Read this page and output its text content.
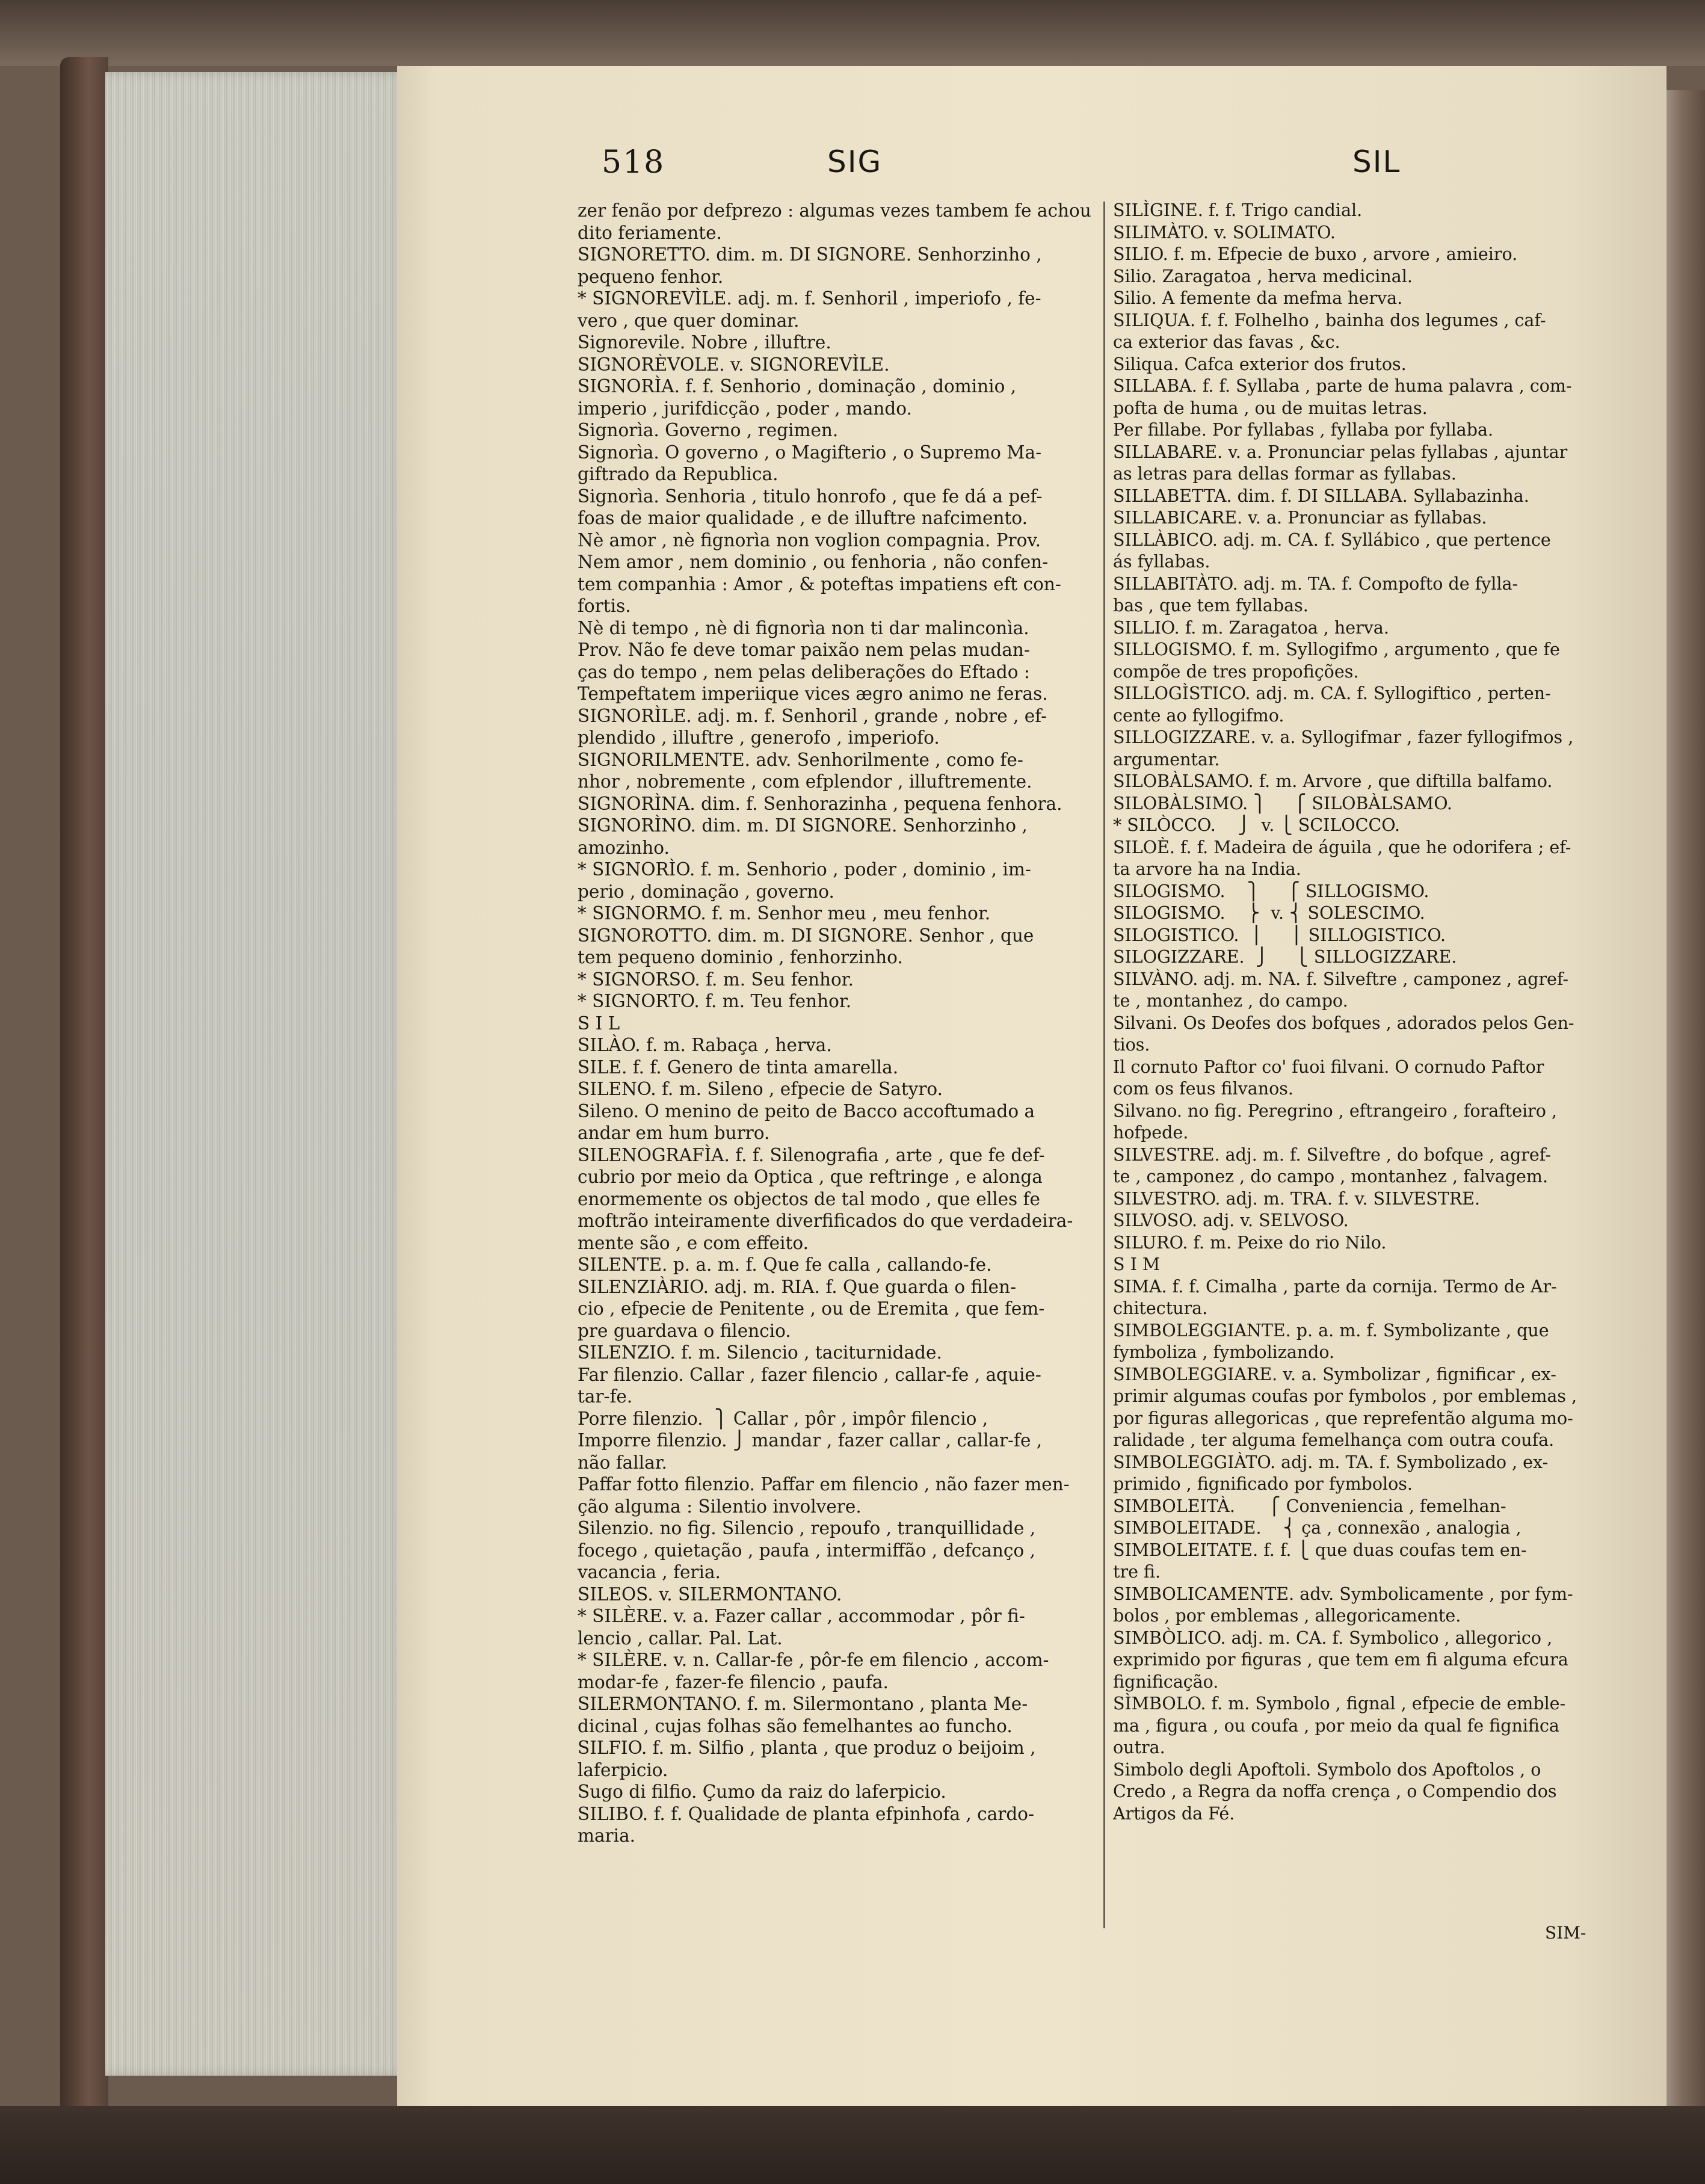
518	SIG	SIL
zer fenão por defprezo : algumas vezes tambem fe achou
dito feriamente.
SIGNORETTO. dim. m. DI SIGNORE. Senhorzinho ,
pequeno fenhor.
* SIGNOREVÌLE. adj. m. f. Senhoril , imperiofo , fe-
vero , que quer dominar.
Signorevile. Nobre , illuftre.
SIGNORÈVOLE. v. SIGNOREVÌLE.
SIGNORÌA. f. f. Senhorio , dominação , dominio ,
imperio , jurifdicção , poder , mando.
Signorìa. Governo , regimen.
Signorìa. O governo , o Magifterio , o Supremo Ma-
giftrado da Republica.
Signorìa. Senhoria , titulo honrofo , que fe dá a pef-
foas de maior qualidade , e de illuftre nafcimento.
Nè amor , nè fignorìa non voglion compagnia. Prov.
Nem amor , nem dominio , ou fenhoria , não confen-
tem companhia : Amor , & poteftas impatiens eft con-
fortis.
Nè di tempo , nè di fignorìa non ti dar malinconìa.
Prov. Não fe deve tomar paixão nem pelas mudan-
ças do tempo , nem pelas deliberações do Eftado :
Tempeftatem imperiique vices ægro animo ne feras.
SIGNORÌLE. adj. m. f. Senhoril , grande , nobre , ef-
plendido , illuftre , generofo , imperiofo.
SIGNORILMENTE. adv. Senhorilmente , como fe-
nhor , nobremente , com efplendor , illuftremente.
SIGNORÌNA. dim. f. Senhorazinha , pequena fenhora.
SIGNORÌNO. dim. m. DI SIGNORE. Senhorzinho ,
amozinho.
* SIGNORÌO. f. m. Senhorio , poder , dominio , im-
perio , dominação , governo.
* SIGNORMO. f. m. Senhor meu , meu fenhor.
SIGNOROTTO. dim. m. DI SIGNORE. Senhor , que
tem pequeno dominio , fenhorzinho.
* SIGNORSO. f. m. Seu fenhor.
* SIGNORTO. f. m. Teu fenhor.
S I L
SILÀO. f. m. Rabaça , herva.
SILE. f. f. Genero de tinta amarella.
SILENO. f. m. Sileno , efpecie de Satyro.
Sileno. O menino de peito de Bacco accoftumado a
andar em hum burro.
SILENOGRAFÌA. f. f. Silenografia , arte , que fe def-
cubrio por meio da Optica , que reftringe , e alonga
enormemente os objectos de tal modo , que elles fe
moftrão inteiramente diverfificados do que verdadeira-
mente são , e com effeito.
SILENTE. p. a. m. f. Que fe calla , callando-fe.
SILENZIÀRIO. adj. m. RIA. f. Que guarda o filen-
cio , efpecie de Penitente , ou de Eremita , que fem-
pre guardava o filencio.
SILENZIO. f. m. Silencio , taciturnidade.
Far filenzio. Callar , fazer filencio , callar-fe , aquie-
tar-fe.
Porre filenzio.  ⎫ Callar , pôr , impôr filencio ,
Imporre filenzio. ⎭ mandar , fazer callar , callar-fe ,
não fallar.
Paffar fotto filenzio. Paffar em filencio , não fazer men-
ção alguma : Silentio involvere.
Silenzio. no fig. Silencio , repoufo , tranquillidade ,
focego , quietação , paufa , intermiffão , defcanço ,
vacancia , feria.
SILEOS. v. SILERMONTANO.
* SILÈRE. v. a. Fazer callar , accommodar , pôr fi-
lencio , callar. Pal. Lat.
* SILÈRE. v. n. Callar-fe , pôr-fe em filencio , accom-
modar-fe , fazer-fe filencio , paufa.
SILERMONTANO. f. m. Silermontano , planta Me-
dicinal , cujas folhas são femelhantes ao funcho.
SILFIO. f. m. Silfio , planta , que produz o beijoim ,
laferpicio.
Sugo di filfio. Çumo da raiz do laferpicio.
SILIBO. f. f. Qualidade de planta efpinhofa , cardo-
maria.
SILÌGINE. f. f. Trigo candial.
SILIMÀTO. v. SOLIMATO.
SILIO. f. m. Efpecie de buxo , arvore , amieiro.
Silio. Zaragatoa , herva medicinal.
Silio. A femente da mefma herva.
SILIQUA. f. f. Folhelho , bainha dos legumes , caf-
ca exterior das favas , &c.
Siliqua. Cafca exterior dos frutos.
SILLABA. f. f. Syllaba , parte de huma palavra , com-
pofta de huma , ou de muitas letras.
Per fillabe. Por fyllabas , fyllaba por fyllaba.
SILLABARE. v. a. Pronunciar pelas fyllabas , ajuntar
as letras para dellas formar as fyllabas.
SILLABETTA. dim. f. DI SILLABA. Syllabazinha.
SILLABICARE. v. a. Pronunciar as fyllabas.
SILLÀBICO. adj. m. CA. f. Syllábico , que pertence
ás fyllabas.
SILLABITÀTO. adj. m. TA. f. Compofto de fylla-
bas , que tem fyllabas.
SILLIO. f. m. Zaragatoa , herva.
SILLOGISMO. f. m. Syllogifmo , argumento , que fe
compõe de tres propofições.
SILLOGÌSTICO. adj. m. CA. f. Syllogiftico , perten-
cente ao fyllogifmo.
SILLOGIZZARE. v. a. Syllogifmar , fazer fyllogifmos ,
argumentar.
SILOBÀLSAMO. f. m. Arvore , que diftilla balfamo.
SILOBÀLSIMO. ⎫     ⎧ SILOBÀLSAMO.
* SILÒCCO.    ⎭  v. ⎩ SCILOCCO.
SILOÈ. f. f. Madeira de águila , que he odorifera ; ef-
ta arvore ha na India.
SILOGISMO.    ⎫     ⎧ SILLOGISMO.
SILOGISMO.    ⎬  v. ⎨ SOLESCIMO.
SILOGISTICO.  ⎪     ⎪ SILLOGISTICO.
SILOGIZZARE.  ⎭     ⎩ SILLOGIZZARE.
SILVÀNO. adj. m. NA. f. Silveftre , camponez , agref-
te , montanhez , do campo.
Silvani. Os Deofes dos bofques , adorados pelos Gen-
tios.
Il cornuto Paftor co' fuoi filvani. O cornudo Paftor
com os feus filvanos.
Silvano. no fig. Peregrino , eftrangeiro , forafteiro ,
hofpede.
SILVESTRE. adj. m. f. Silveftre , do bofque , agref-
te , camponez , do campo , montanhez , falvagem.
SILVESTRO. adj. m. TRA. f. v. SILVESTRE.
SILVOSO. adj. v. SELVOSO.
SILURO. f. m. Peixe do rio Nilo.
S I M
SIMA. f. f. Cimalha , parte da cornija. Termo de Ar-
chitectura.
SIMBOLEGGIANTE. p. a. m. f. Symbolizante , que
fymboliza , fymbolizando.
SIMBOLEGGIARE. v. a. Symbolizar , fignificar , ex-
primir algumas coufas por fymbolos , por emblemas ,
por figuras allegoricas , que reprefentão alguma mo-
ralidade , ter alguma femelhança com outra coufa.
SIMBOLEGGIÀTO. adj. m. TA. f. Symbolizado , ex-
primido , fignificado por fymbolos.
SIMBOLEITÀ.      ⎧ Conveniencia , femelhan-
SIMBOLEITADE.    ⎨ ça , connexão , analogia ,
SIMBOLEITATE. f. f. ⎩ que duas coufas tem en-
tre fi.
SIMBOLICAMENTE. adv. Symbolicamente , por fym-
bolos , por emblemas , allegoricamente.
SIMBÒLICO. adj. m. CA. f. Symbolico , allegorico ,
exprimido por figuras , que tem em fi alguma efcura
fignificação.
SÌMBOLO. f. m. Symbolo , fignal , efpecie de emble-
ma , figura , ou coufa , por meio da qual fe fignifica
outra.
Simbolo degli Apoftoli. Symbolo dos Apoftolos , o
Credo , a Regra da noffa crença , o Compendio dos
Artigos da Fé.
SIM-
